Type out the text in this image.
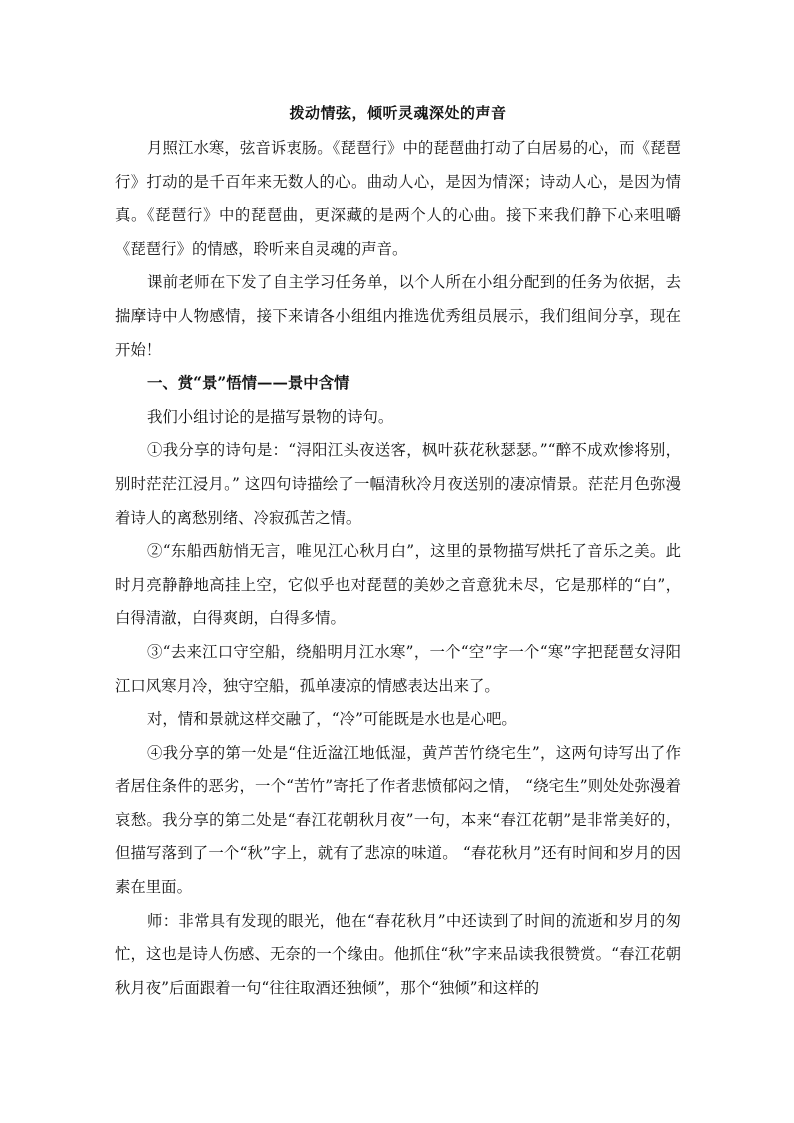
拨动情弦，倾听灵魂深处的声音

月照江水寒，弦音诉衷肠。《琵琶行》中的琵琶曲打动了白居易的心，而《琵琶行》打动的是千百年来无数人的心。曲动人心，是因为情深；诗动人心，是因为情真。《琵琶行》中的琵琶曲，更深藏的是两个人的心曲。接下来我们静下心来咀嚼《琵琶行》的情感，聆听来自灵魂的声音。

课前老师在下发了自主学习任务单，以个人所在小组分配到的任务为依据，去揣摩诗中人物感情，接下来请各小组组内推选优秀组员展示，我们组间分享，现在开始！

一、赏“景”悟情——景中含情

我们小组讨论的是描写景物的诗句。

①我分享的诗句是：“浔阳江头夜送客，枫叶荻花秋瑟瑟。”“醉不成欢惨将别，别时茫茫江浸月。” 这四句诗描绘了一幅清秋冷月夜送别的凄凉情景。茫茫月色弥漫着诗人的离愁别绪、冷寂孤苦之情。

②“东船西舫悄无言，唯见江心秋月白”，这里的景物描写烘托了音乐之美。此时月亮静静地高挂上空，它似乎也对琵琶的美妙之音意犹未尽，它是那样的“白”，白得清澈，白得爽朗，白得多情。

③“去来江口守空船，绕船明月江水寒”，一个“空”字一个“寒”字把琵琶女浔阳江口风寒月冷，独守空船，孤单凄凉的情感表达出来了。

对，情和景就这样交融了，“冷”可能既是水也是心吧。

④我分享的第一处是“住近湓江地低湿，黄芦苦竹绕宅生”，这两句诗写出了作者居住条件的恶劣，一个“苦竹”寄托了作者悲愤郁闷之情， “绕宅生”则处处弥漫着哀愁。我分享的第二处是“春江花朝秋月夜”一句，本来“春江花朝”是非常美好的，但描写落到了一个“秋”字上，就有了悲凉的味道。 “春花秋月”还有时间和岁月的因素在里面。

师：非常具有发现的眼光，他在“春花秋月”中还读到了时间的流逝和岁月的匆忙，这也是诗人伤感、无奈的一个缘由。他抓住“秋”字来品读我很赞赏。“春江花朝秋月夜”后面跟着一句“往往取酒还独倾”，那个“独倾”和这样的
